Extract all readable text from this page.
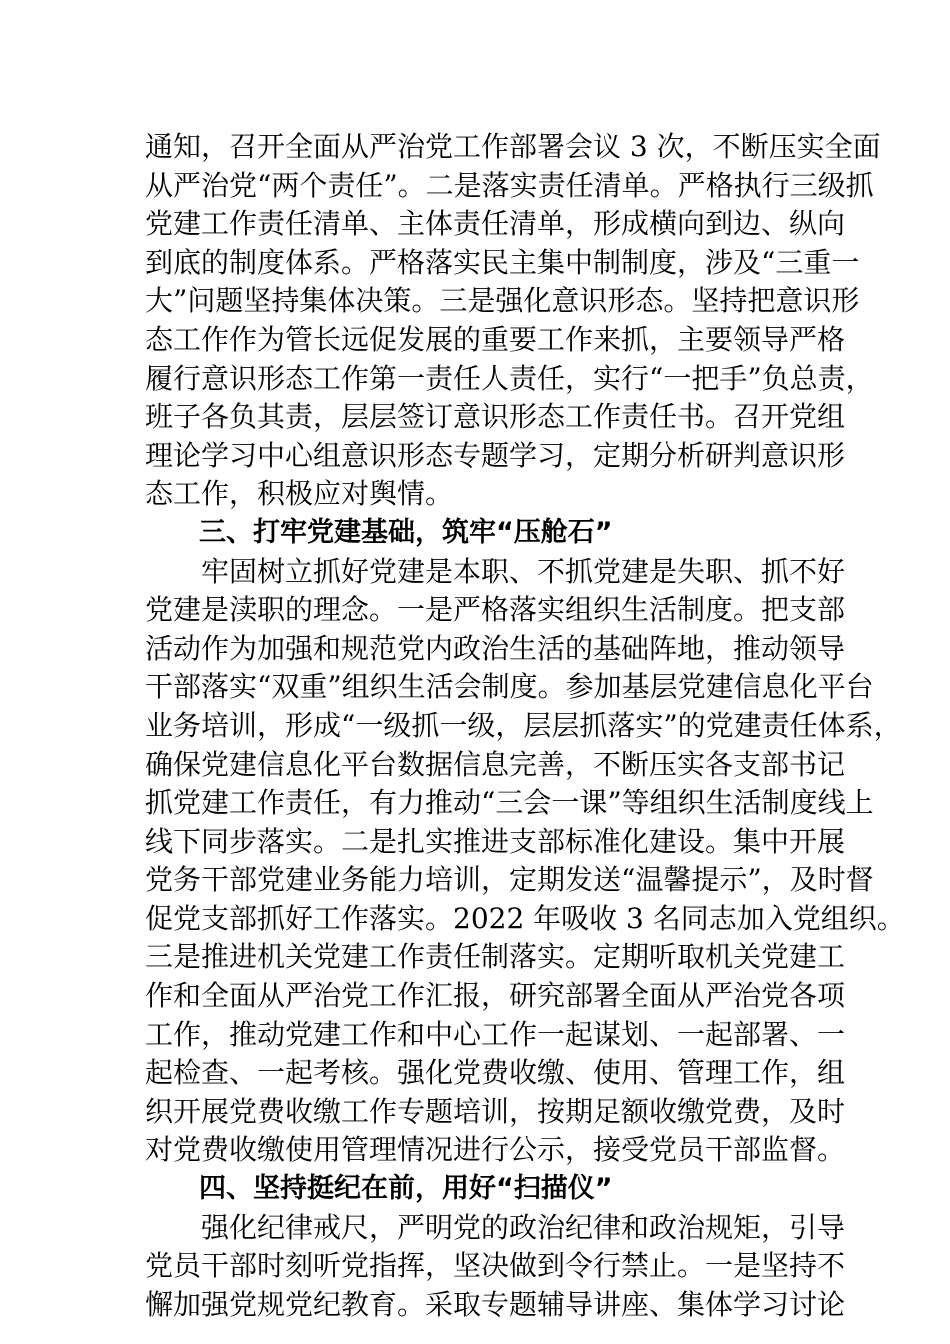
通知，召开全面从严治党工作部署会议 3 次，不断压实全面
从严治党“两个责任”。二是落实责任清单。严格执行三级抓
党建工作责任清单、主体责任清单，形成横向到边、纵向
到底的制度体系。严格落实民主集中制制度，涉及“三重一
大”问题坚持集体决策。三是强化意识形态。坚持把意识形
态工作作为管长远促发展的重要工作来抓，主要领导严格
履行意识形态工作第一责任人责任，实行“一把手”负总责，
班子各负其责，层层签订意识形态工作责任书。召开党组
理论学习中心组意识形态专题学习，定期分析研判意识形
态工作，积极应对舆情。
三、打牢党建基础，筑牢“压舱石”
牢固树立抓好党建是本职、不抓党建是失职、抓不好
党建是渎职的理念。一是严格落实组织生活制度。把支部
活动作为加强和规范党内政治生活的基础阵地，推动领导
干部落实“双重”组织生活会制度。参加基层党建信息化平台
业务培训，形成“一级抓一级，层层抓落实”的党建责任体系，
确保党建信息化平台数据信息完善，不断压实各支部书记
抓党建工作责任，有力推动“三会一课”等组织生活制度线上
线下同步落实。二是扎实推进支部标准化建设。集中开展
党务干部党建业务能力培训，定期发送“温馨提示”，及时督
促党支部抓好工作落实。2022 年吸收 3 名同志加入党组织。
三是推进机关党建工作责任制落实。定期听取机关党建工
作和全面从严治党工作汇报，研究部署全面从严治党各项
工作，推动党建工作和中心工作一起谋划、一起部署、一
起检查、一起考核。强化党费收缴、使用、管理工作，组
织开展党费收缴工作专题培训，按期足额收缴党费，及时
对党费收缴使用管理情况进行公示，接受党员干部监督。
四、坚持挺纪在前，用好“扫描仪”
强化纪律戒尺，严明党的政治纪律和政治规矩，引导
党员干部时刻听党指挥，坚决做到令行禁止。一是坚持不
懈加强党规党纪教育。采取专题辅导讲座、集体学习讨论
